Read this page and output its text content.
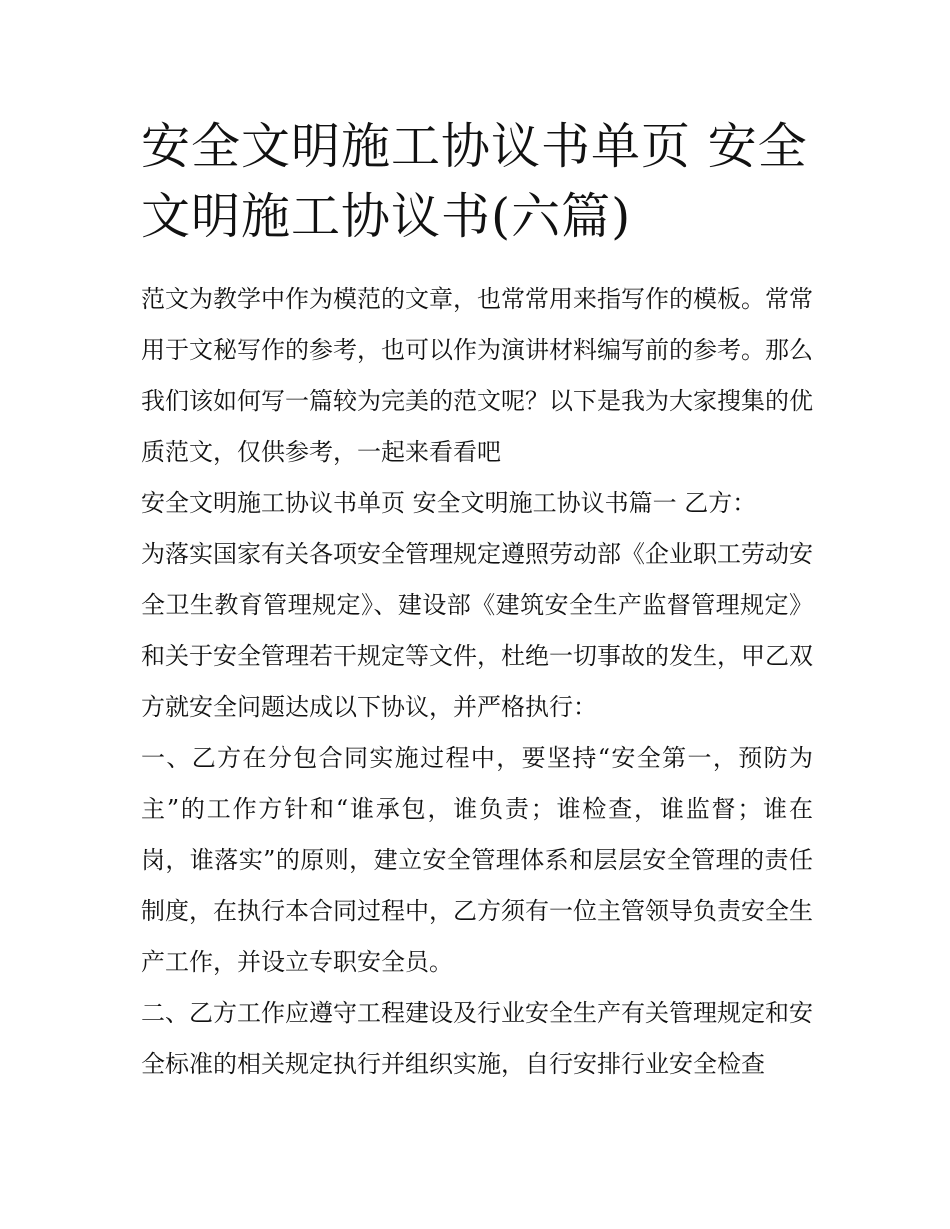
安全文明施工协议书单页 安全文明施工协议书(六篇)

范文为教学中作为模范的文章，也常常用来指写作的模板。常常用于文秘写作的参考，也可以作为演讲材料编写前的参考。那么我们该如何写一篇较为完美的范文呢？以下是我为大家搜集的优质范文，仅供参考，一起来看看吧

安全文明施工协议书单页 安全文明施工协议书篇一 乙方：

为落实国家有关各项安全管理规定遵照劳动部《企业职工劳动安全卫生教育管理规定》、建设部《建筑安全生产监督管理规定》和关于安全管理若干规定等文件，杜绝一切事故的发生，甲乙双方就安全问题达成以下协议，并严格执行：

一、乙方在分包合同实施过程中，要坚持“安全第一，预防为主”的工作方针和“谁承包，谁负责；谁检查，谁监督；谁在岗，谁落实”的原则，建立安全管理体系和层层安全管理的责任制度，在执行本合同过程中，乙方须有一位主管领导负责安全生产工作，并设立专职安全员。

二、乙方工作应遵守工程建设及行业安全生产有关管理规定和安全标准的相关规定执行并组织实施，自行安排行业安全检查
